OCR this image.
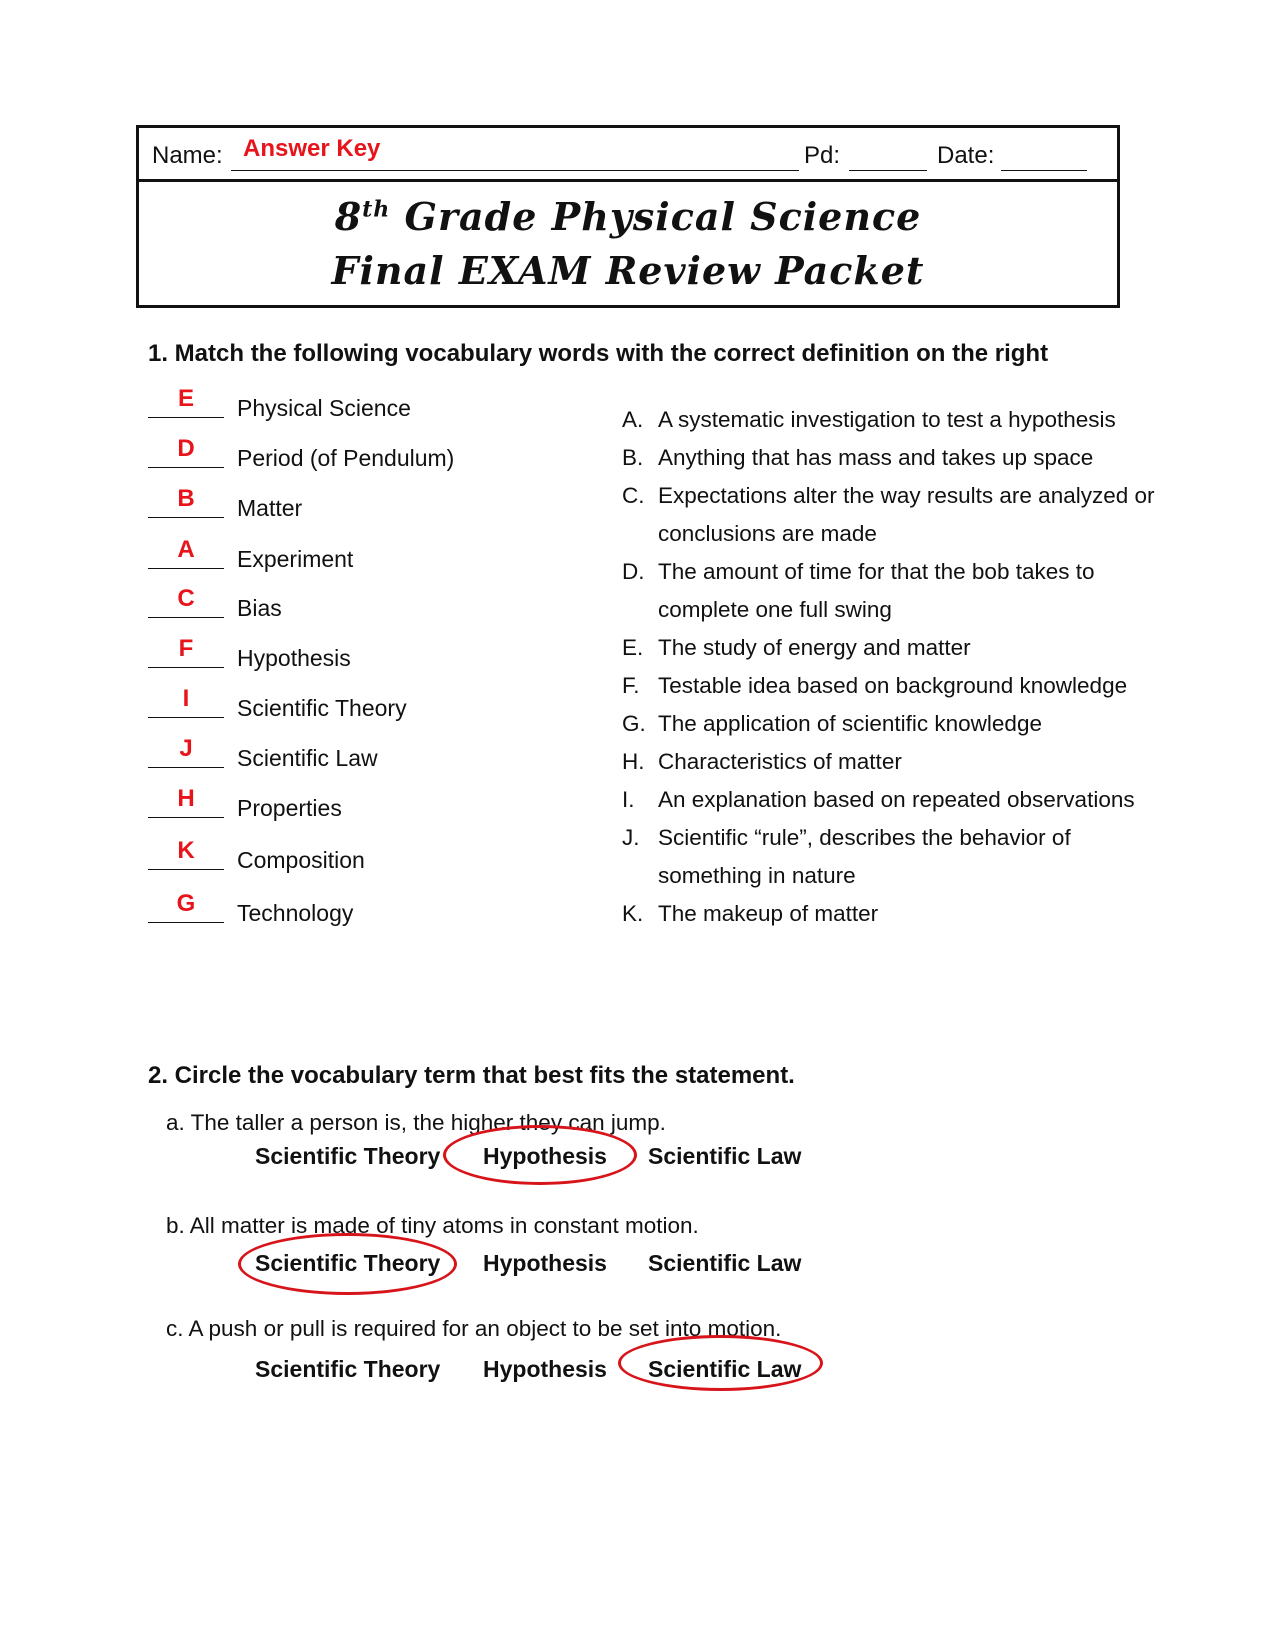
Name: Answer Key	Pd:	Date:
8th Grade Physical Science
Final EXAM Review Packet
1. Match the following vocabulary words with the correct definition on the right
E	Physical Science
D	Period (of Pendulum)
B	Matter
A	Experiment
C	Bias
F	Hypothesis
I	Scientific Theory
J	Scientific Law
H	Properties
K	Composition
G	Technology
A. A systematic investigation to test a hypothesis
B. Anything that has mass and takes up space
C. Expectations alter the way results are analyzed or
conclusions are made
D. The amount of time for that the bob takes to
complete one full swing
E. The study of energy and matter
F. Testable idea based on background knowledge
G. The application of scientific knowledge
H. Characteristics of matter
I. An explanation based on repeated observations
J. Scientific “rule”, describes the behavior of
something in nature
K. The makeup of matter
2. Circle the vocabulary term that best fits the statement.
a. The taller a person is, the higher they can jump.
Scientific Theory Hypothesis Scientific Law
b. All matter is made of tiny atoms in constant motion.
Scientific Theory Hypothesis Scientific Law
c. A push or pull is required for an object to be set into motion.
Scientific Theory Hypothesis Scientific Law
